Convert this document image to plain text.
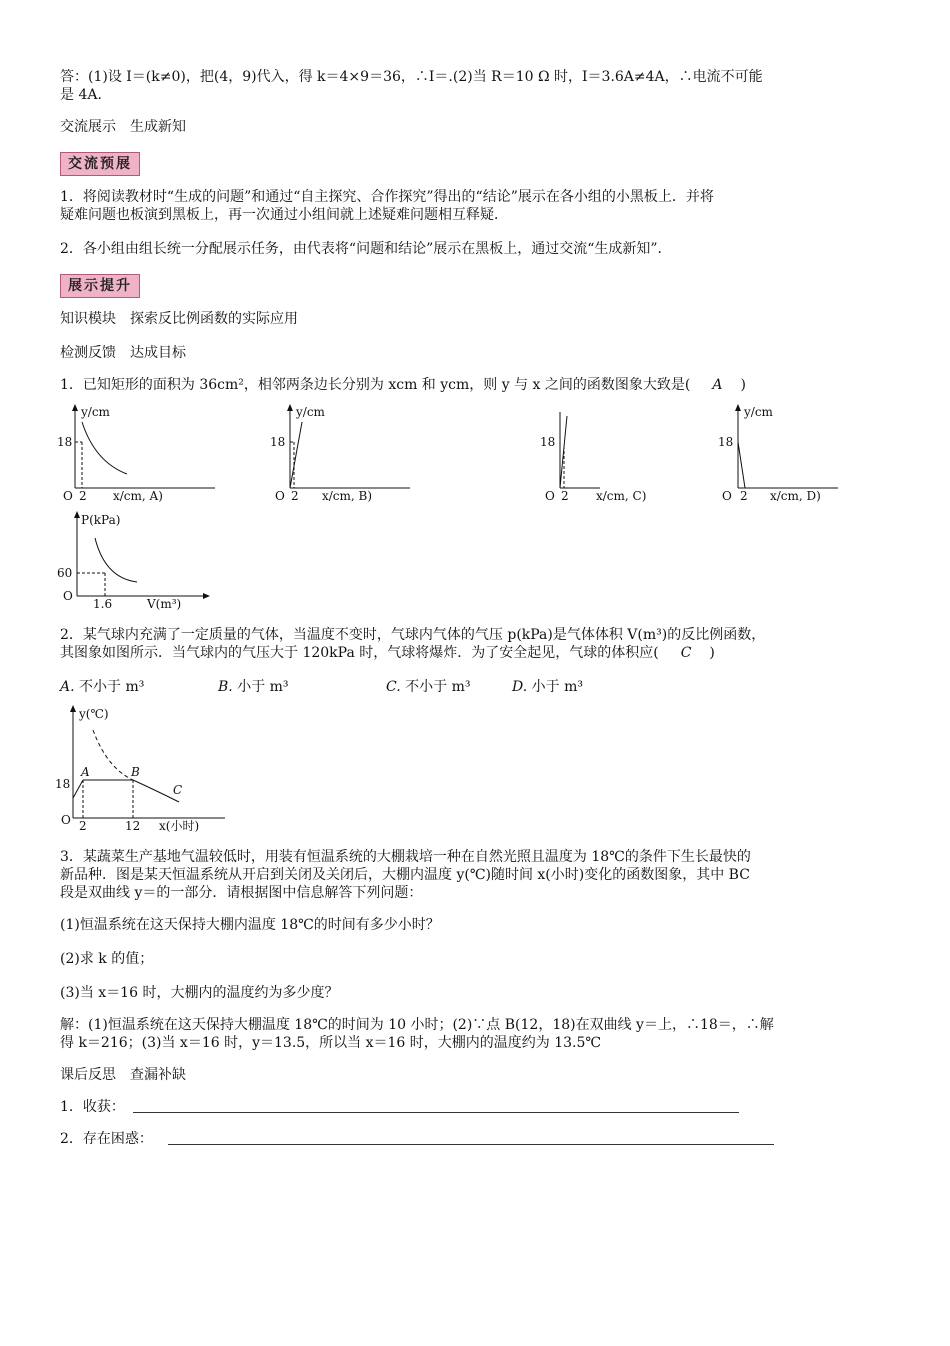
答：(1)设 I＝(k≠0)，把(4，9)代入，得 k＝4×9＝36，∴I＝.(2)当 R＝10 Ω 时，I＝3.6A≠4A，∴电流不可能

是 4A.

交流展示　生成新知

交流预展

1．将阅读教材时“生成的问题”和通过“自主探究、合作探究”得出的“结论”展示在各小组的小黑板上．并将

疑难问题也板演到黑板上，再一次通过小组间就上述疑难问题相互释疑．

2．各小组由组长统一分配展示任务，由代表将“问题和结论”展示在黑板上，通过交流“生成新知”．

展示提升

知识模块　探索反比例函数的实际应用

检测反馈　达成目标

1．已知矩形的面积为 36cm²，相邻两条边长分别为 xcm 和 ycm，则 y 与 x 之间的函数图象大致是( A )

y/cm
18
O 2 x/cm, A)
y/cm
18
O 2 x/cm, B)
18
O 2 x/cm, C)
y/cm
18
O 2 x/cm, D)
P(kPa)
60
O
1.6	V(m³)

2．某气球内充满了一定质量的气体，当温度不变时，气球内气体的气压 p(kPa)是气体体积 V(m³)的反比例函数，

其图象如图所示．当气球内的气压大于 120kPa 时，气球将爆炸．为了安全起见，气球的体积应( C )

A. 不小于 m³	B. 小于 m³	C. 不小于 m³	D. 小于 m³
y(℃)
18
O 2	12 x(小时)
A	B
C

3．某蔬菜生产基地气温较低时，用装有恒温系统的大棚栽培一种在自然光照且温度为 18℃的条件下生长最快的

新品种．图是某天恒温系统从开启到关闭及关闭后，大棚内温度 y(℃)随时间 x(小时)变化的函数图象，其中 BC

段是双曲线 y＝的一部分．请根据图中信息解答下列问题：

(1)恒温系统在这天保持大棚内温度 18℃的时间有多少小时？

(2)求 k 的值；

(3)当 x＝16 时，大棚内的温度约为多少度？

解：(1)恒温系统在这天保持大棚温度 18℃的时间为 10 小时；(2)∵点 B(12，18)在双曲线 y＝上，∴18＝，∴解

得 k＝216；(3)当 x＝16 时，y＝13.5，所以当 x＝16 时，大棚内的温度约为 13.5℃

课后反思　查漏补缺

1．收获：

2．存在困惑：
